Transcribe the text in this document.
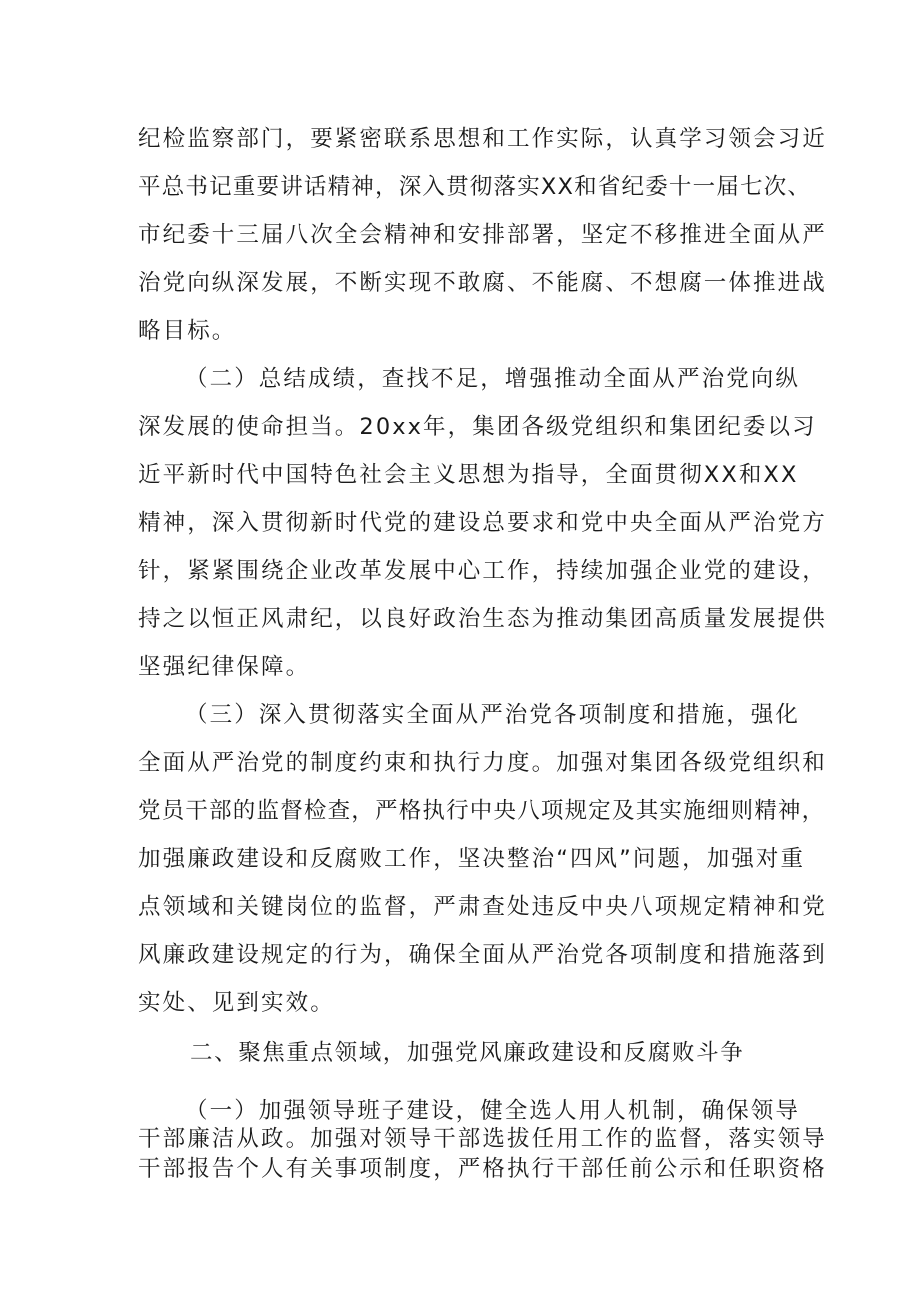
纪检监察部门，要紧密联系思想和工作实际，认真学习领会习近
平总书记重要讲话精神，深入贯彻落实XX和省纪委十一届七次、
市纪委十三届八次全会精神和安排部署，坚定不移推进全面从严
治党向纵深发展，不断实现不敢腐、不能腐、不想腐一体推进战
略目标。
（二）总结成绩，查找不足，增强推动全面从严治党向纵
深发展的使命担当。20xx年，集团各级党组织和集团纪委以习
近平新时代中国特色社会主义思想为指导，全面贯彻XX和XX
精神，深入贯彻新时代党的建设总要求和党中央全面从严治党方
针，紧紧围绕企业改革发展中心工作，持续加强企业党的建设，
持之以恒正风肃纪，以良好政治生态为推动集团高质量发展提供
坚强纪律保障。
（三）深入贯彻落实全面从严治党各项制度和措施，强化
全面从严治党的制度约束和执行力度。加强对集团各级党组织和
党员干部的监督检查，严格执行中央八项规定及其实施细则精神，
加强廉政建设和反腐败工作，坚决整治“四风”问题，加强对重
点领域和关键岗位的监督，严肃查处违反中央八项规定精神和党
风廉政建设规定的行为，确保全面从严治党各项制度和措施落到
实处、见到实效。
二、聚焦重点领域，加强党风廉政建设和反腐败斗争
（一）加强领导班子建设，健全选人用人机制，确保领导
干部廉洁从政。加强对领导干部选拔任用工作的监督，落实领导
干部报告个人有关事项制度，严格执行干部任前公示和任职资格
